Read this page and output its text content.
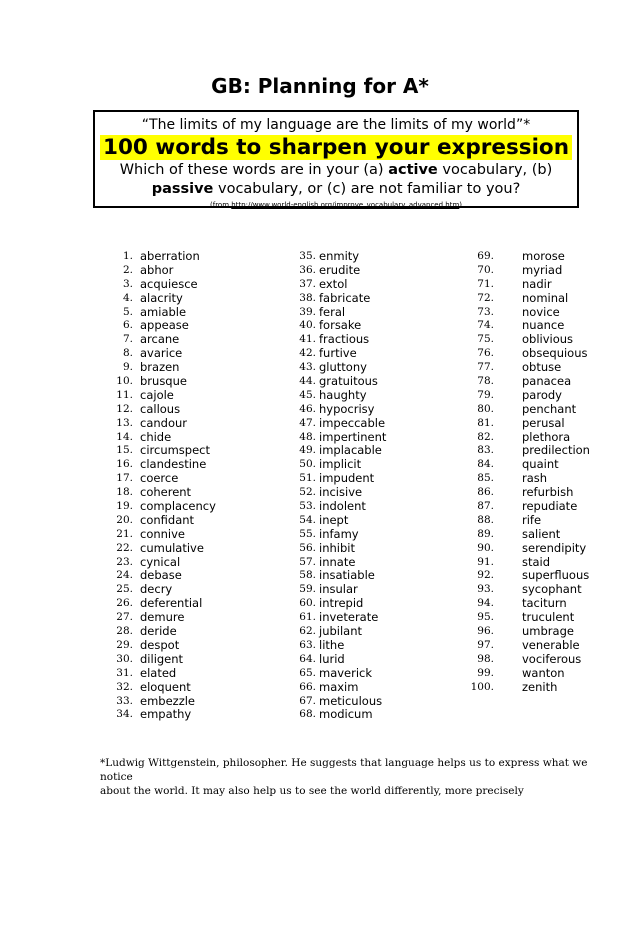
GB: Planning for A*
“The limits of my language are the limits of my world”*
100 words to sharpen your expression
Which of these words are in your (a) active vocabulary, (b)
passive vocabulary, or (c) are not familiar to you?
(from http://www.world-english.org/improve_vocabulary_advanced.htm)
1. aberration
2. abhor
3. acquiesce
4. alacrity
5. amiable
6. appease
7. arcane
8. avarice
9. brazen
10. brusque
11. cajole
12. callous
13. candour
14. chide
15. circumspect
16. clandestine
17. coerce
18. coherent
19. complacency
20. confidant
21. connive
22. cumulative
23. cynical
24. debase
25. decry
26. deferential
27. demure
28. deride
29. despot
30. diligent
31. elated
32. eloquent
33. embezzle
34. empathy
35. enmity
36. erudite
37. extol
38. fabricate
39. feral
40. forsake
41. fractious
42. furtive
43. gluttony
44. gratuitous
45. haughty
46. hypocrisy
47. impeccable
48. impertinent
49. implacable
50. implicit
51. impudent
52. incisive
53. indolent
54. inept
55. infamy
56. inhibit
57. innate
58. insatiable
59. insular
60. intrepid
61. inveterate
62. jubilant
63. lithe
64. lurid
65. maverick
66. maxim
67. meticulous
68. modicum
69. morose
70. myriad
71. nadir
72. nominal
73. novice
74. nuance
75. oblivious
76. obsequious
77. obtuse
78. panacea
79. parody
80. penchant
81. perusal
82. plethora
83. predilection
84. quaint
85. rash
86. refurbish
87. repudiate
88. rife
89. salient
90. serendipity
91. staid
92. superfluous
93. sycophant
94. taciturn
95. truculent
96. umbrage
97. venerable
98. vociferous
99. wanton
100. zenith
*Ludwig Wittgenstein, philosopher. He suggests that language helps us to express what we notice
about the world. It may also help us to see the world differently, more precisely
